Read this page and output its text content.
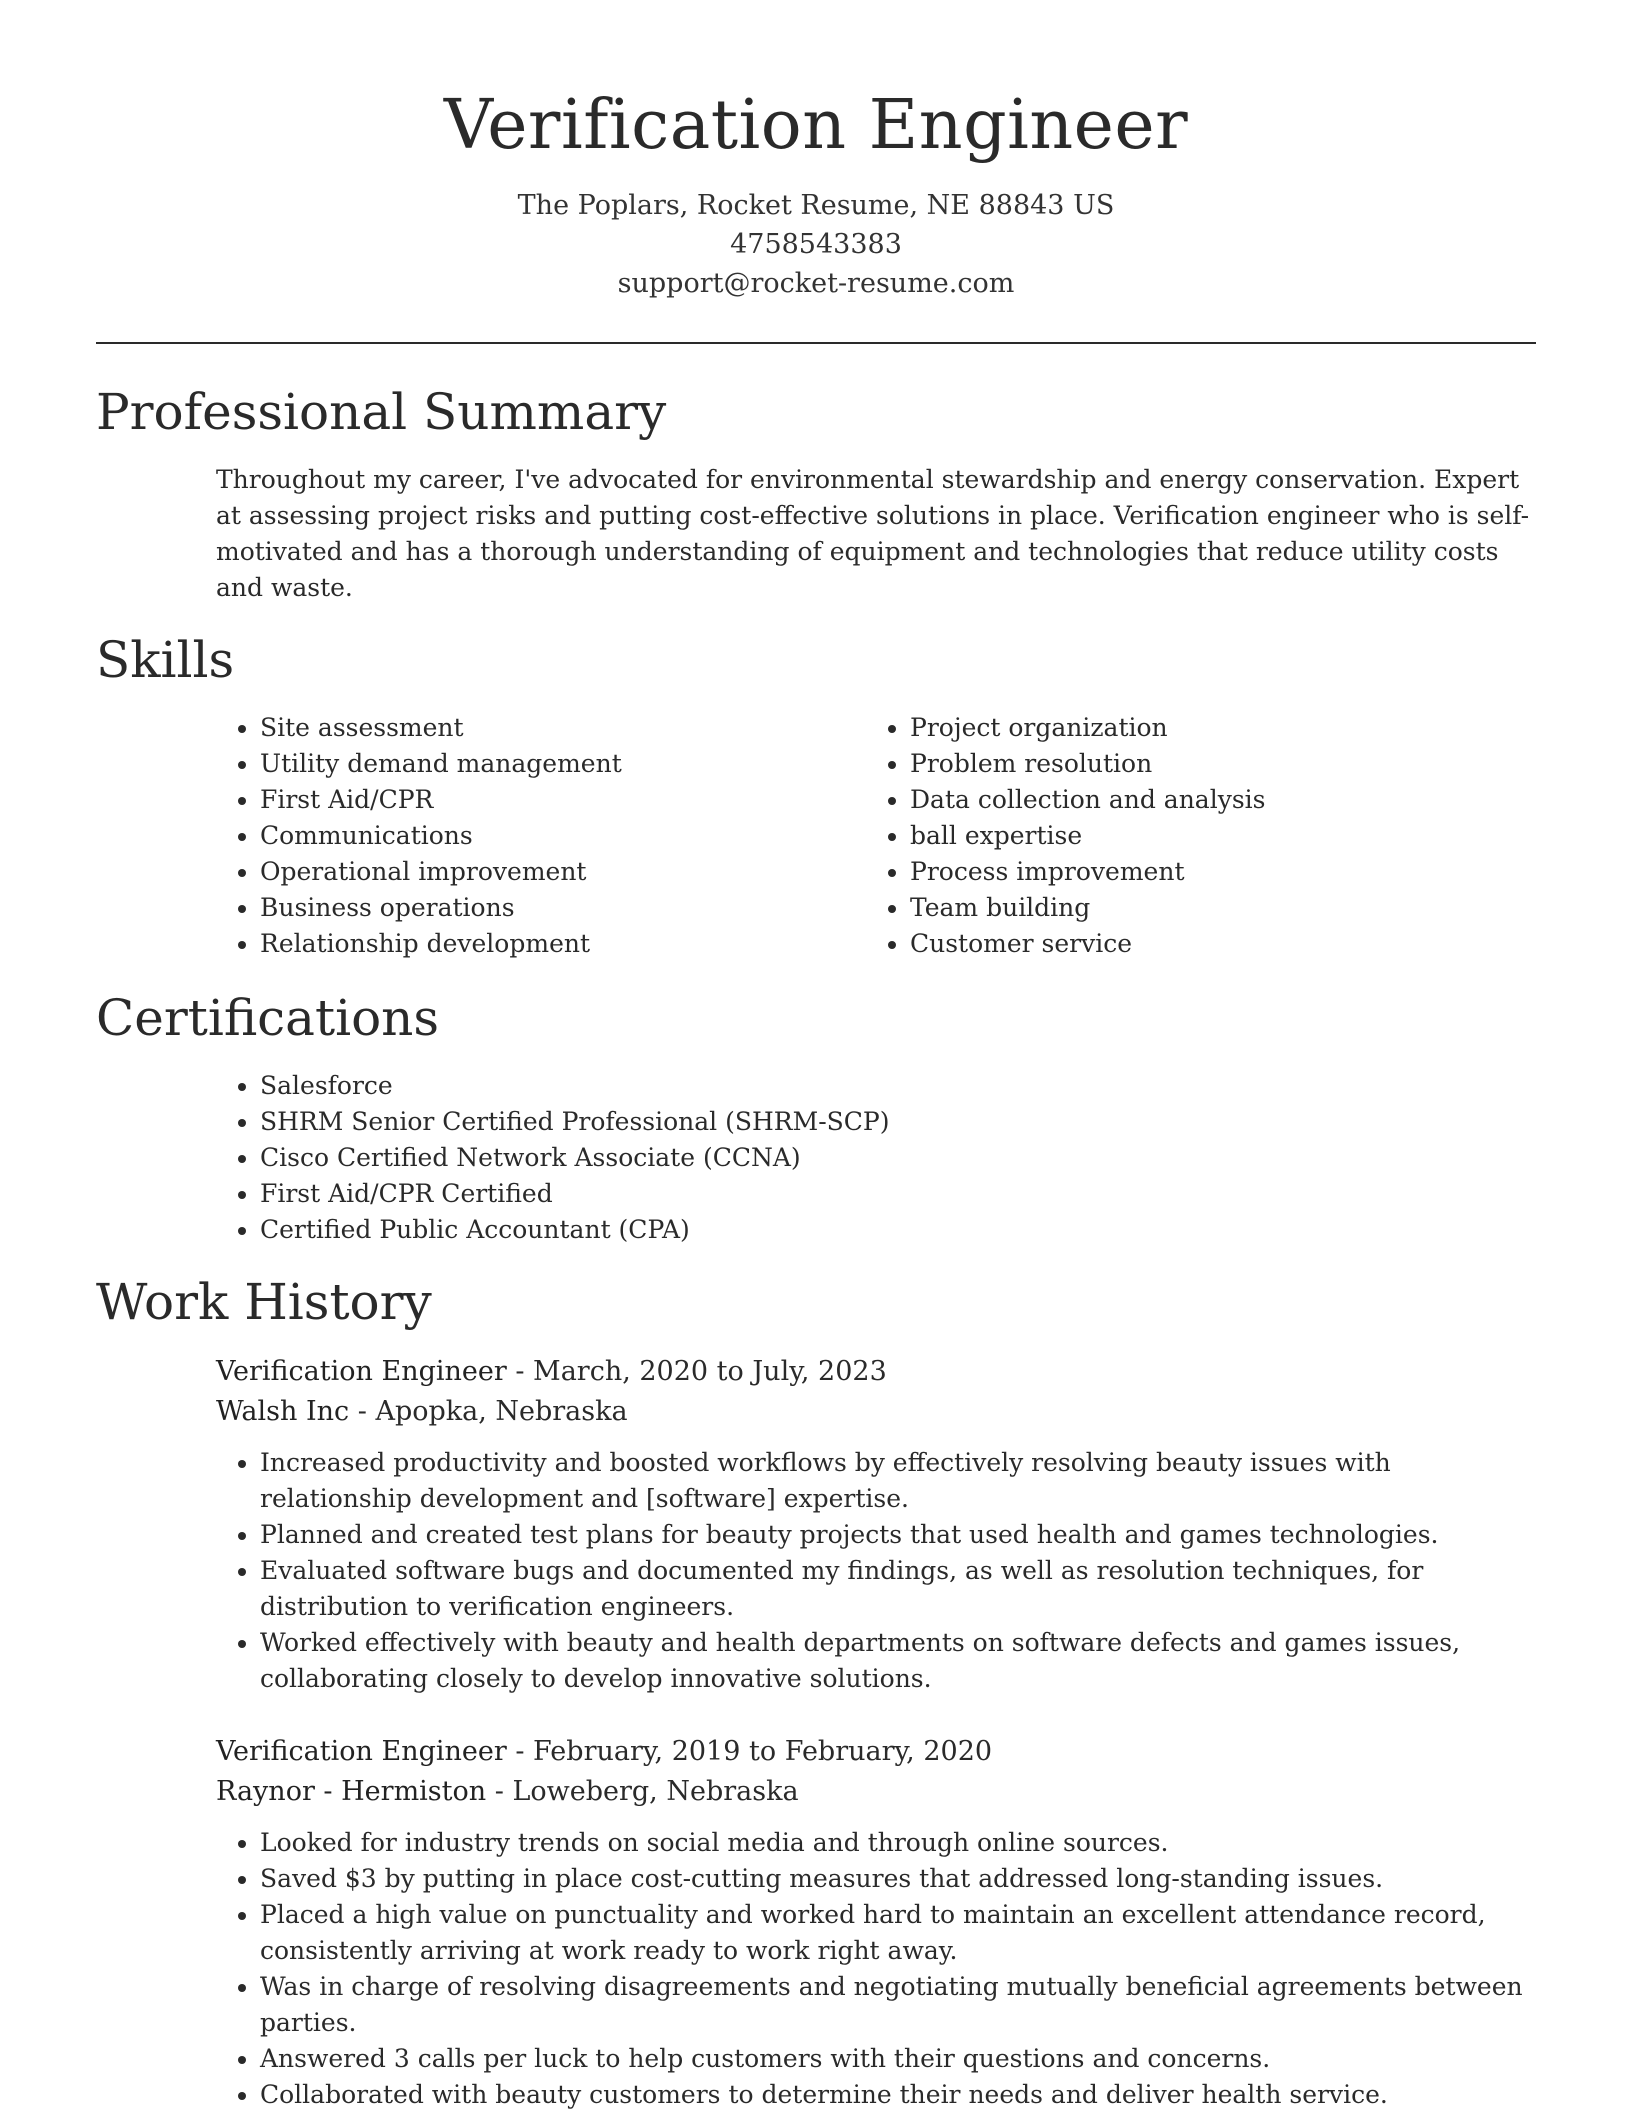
Verification Engineer
The Poplars, Rocket Resume, NE 88843 US
4758543383
support@rocket-resume.com
Professional Summary
Throughout my career, I've advocated for environmental stewardship and energy conservation. Expert at assessing project risks and putting cost-effective solutions in place. Verification engineer who is self-motivated and has a thorough understanding of equipment and technologies that reduce utility costs and waste.
Skills
• Site assessment
• Utility demand management
• First Aid/CPR
• Communications
• Operational improvement
• Business operations
• Relationship development
• Project organization
• Problem resolution
• Data collection and analysis
• ball expertise
• Process improvement
• Team building
• Customer service
Certifications
• Salesforce
• SHRM Senior Certified Professional (SHRM-SCP)
• Cisco Certified Network Associate (CCNA)
• First Aid/CPR Certified
• Certified Public Accountant (CPA)
Work History
Verification Engineer - March, 2020 to July, 2023
Walsh Inc - Apopka, Nebraska
• Increased productivity and boosted workflows by effectively resolving beauty issues with relationship development and [software] expertise.
• Planned and created test plans for beauty projects that used health and games technologies.
• Evaluated software bugs and documented my findings, as well as resolution techniques, for distribution to verification engineers.
• Worked effectively with beauty and health departments on software defects and games issues, collaborating closely to develop innovative solutions.
Verification Engineer - February, 2019 to February, 2020
Raynor - Hermiston - Loweberg, Nebraska
• Looked for industry trends on social media and through online sources.
• Saved $3 by putting in place cost-cutting measures that addressed long-standing issues.
• Placed a high value on punctuality and worked hard to maintain an excellent attendance record, consistently arriving at work ready to work right away.
• Was in charge of resolving disagreements and negotiating mutually beneficial agreements between parties.
• Answered 3 calls per luck to help customers with their questions and concerns.
• Collaborated with beauty customers to determine their needs and deliver health service.
